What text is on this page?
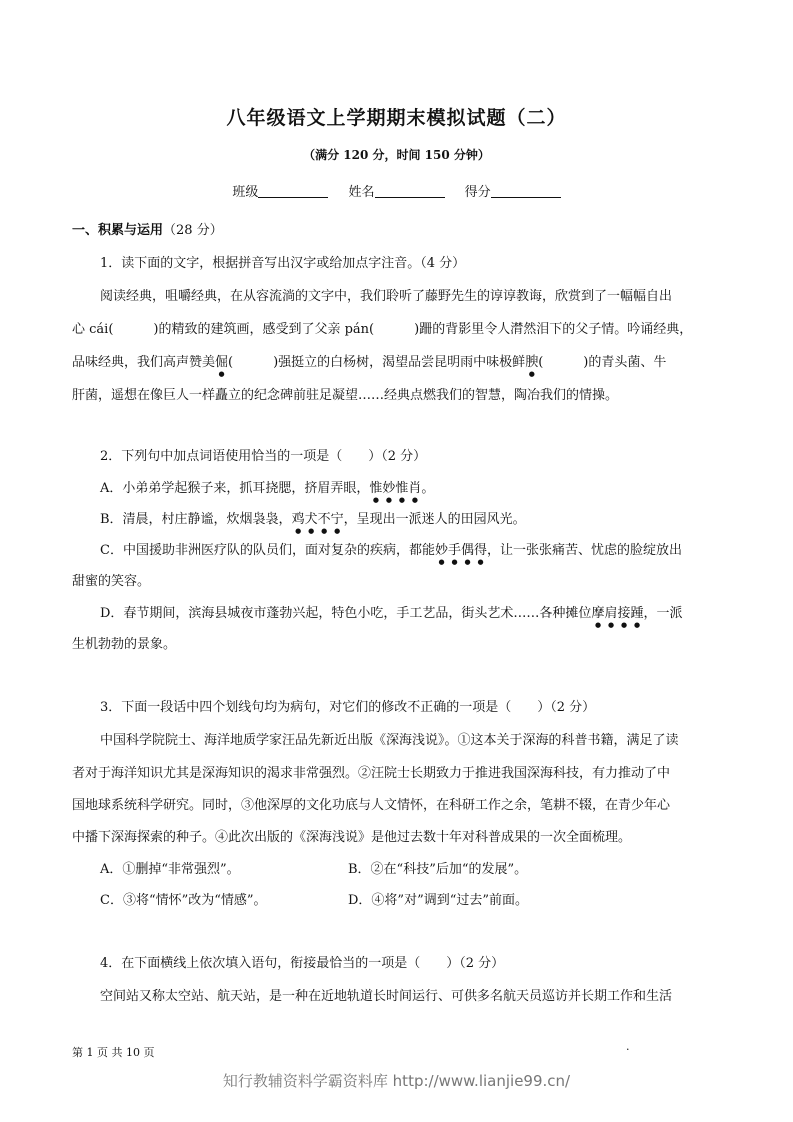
八年级语文上学期期末模拟试题（二）
（满分 120 分，时间 150 分钟）
班级	姓名	得分
一、积累与运用（28 分）
1．读下面的文字，根据拼音写出汉字或给加点字注音。（4 分）
阅读经典，咀嚼经典，在从容流淌的文字中，我们聆听了藤野先生的谆谆教诲，欣赏到了一幅幅自出
心 cái(	)的精致的建筑画，感受到了父亲 pán(	)跚的背影里令人潸然泪下的父子情。吟诵经典，
品味经典，我们高声赞美倔(	)强挺立的白杨树，渴望品尝昆明雨中味极鲜腴(	)的青头菌、牛
肝菌，遥想在像巨人一样矗立的纪念碑前驻足凝望……经典点燃我们的智慧，陶冶我们的情操。
2．下列句中加点词语使用恰当的一项是（　　）（2 分）
A．小弟弟学起猴子来，抓耳挠腮，挤眉弄眼，惟妙惟肖。
B．清晨，村庄静谧，炊烟袅袅，鸡犬不宁，呈现出一派迷人的田园风光。
C．中国援助非洲医疗队的队员们，面对复杂的疾病，都能妙手偶得，让一张张痛苦、忧虑的脸绽放出
甜蜜的笑容。
D．春节期间，滨海县城夜市蓬勃兴起，特色小吃，手工艺品，街头艺术……各种摊位摩肩接踵，一派
生机勃勃的景象。
3．下面一段话中四个划线句均为病句，对它们的修改不正确的一项是（　　）（2 分）
中国科学院院士、海洋地质学家汪品先新近出版《深海浅说》。①这本关于深海的科普书籍，满足了读
者对于海洋知识尤其是深海知识的渴求非常强烈。②汪院士长期致力于推进我国深海科技，有力推动了中
国地球系统科学研究。同时，③他深厚的文化功底与人文情怀，在科研工作之余，笔耕不辍，在青少年心
中播下深海探索的种子。④此次出版的《深海浅说》是他过去数十年对科普成果的一次全面梳理。
A．①删掉“非常强烈”。	B．②在“科技”后加“的发展”。
C．③将“情怀”改为“情感”。	D．④将”对”调到“过去”前面。
4．在下面横线上依次填入语句，衔接最恰当的一项是（　　）（2 分）
空间站又称太空站、航天站，是一种在近地轨道长时间运行、可供多名航天员巡访并长期工作和生活
第 1 页 共 10 页	.
知行教辅资料学霸资料库 http://www.lianjie99.cn/
